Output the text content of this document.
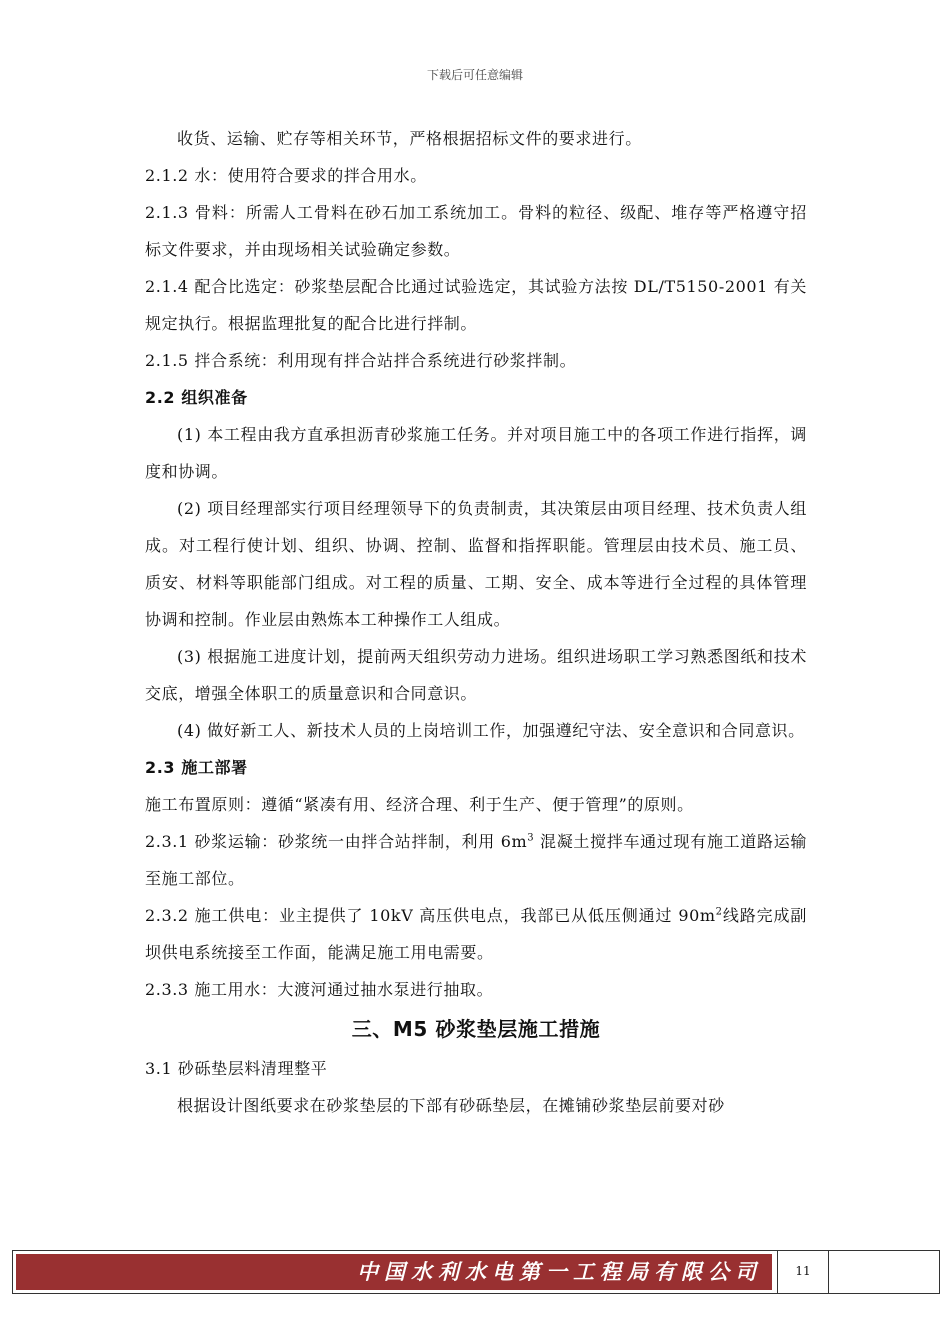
下载后可任意编辑

收货、运输、贮存等相关环节，严格根据招标文件的要求进行。

2.1.2 水：使用符合要求的拌合用水。

2.1.3 骨料：所需人工骨料在砂石加工系统加工。骨料的粒径、级配、堆存等严格遵守招标文件要求，并由现场相关试验确定参数。

2.1.4 配合比选定：砂浆垫层配合比通过试验选定，其试验方法按 DL/T5150-2001 有关规定执行。根据监理批复的配合比进行拌制。

2.1.5 拌合系统：利用现有拌合站拌合系统进行砂浆拌制。

2.2 组织准备

(1) 本工程由我方直承担沥青砂浆施工任务。并对项目施工中的各项工作进行指挥，调度和协调。

(2) 项目经理部实行项目经理领导下的负责制责，其决策层由项目经理、技术负责人组成。对工程行使计划、组织、协调、控制、监督和指挥职能。管理层由技术员、施工员、质安、材料等职能部门组成。对工程的质量、工期、安全、成本等进行全过程的具体管理协调和控制。作业层由熟炼本工种操作工人组成。

(3) 根据施工进度计划，提前两天组织劳动力进场。组织进场职工学习熟悉图纸和技术交底，增强全体职工的质量意识和合同意识。

(4) 做好新工人、新技术人员的上岗培训工作，加强遵纪守法、安全意识和合同意识。

2.3 施工部署

施工布置原则：遵循“紧凑有用、经济合理、利于生产、便于管理”的原则。

2.3.1 砂浆运输：砂浆统一由拌合站拌制，利用 $6m^3$ 混凝土搅拌车通过现有施工道路运输至施工部位。

2.3.2 施工供电：业主提供了 10kV 高压供电点，我部已从低压侧通过 $90m^2$线路完成副坝供电系统接至工作面，能满足施工用电需要。

2.3.3 施工用水：大渡河通过抽水泵进行抽取。

三、M5 砂浆垫层施工措施

3.1 砂砾垫层料清理整平

根据设计图纸要求在砂浆垫层的下部有砂砾垫层，在摊铺砂浆垫层前要对砂

中国水利水电第一工程局有限公司	11
